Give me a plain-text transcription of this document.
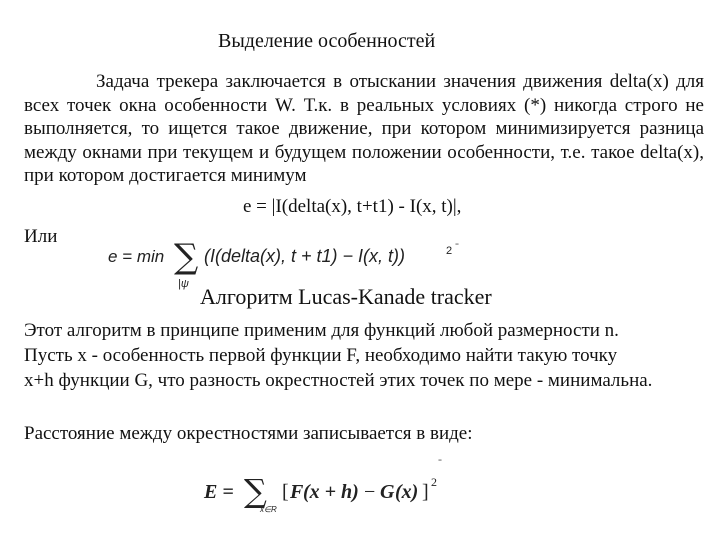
Выделение особенностей
Задача трекера заключается в отыскании значения движения delta(x) для всех точек окна особенности W. Т.к. в реальных условиях (*) никогда строго не выполняется, то ищется такое движение, при котором минимизируется разница между окнами при текущем и будущем положении особенности, т.е. такое delta(x), при котором достигается минимум
e = |I(delta(x), t+t1) - I(x, t)|,
Или
e = min ∑
|ψ
(I(delta(x), t + t1) − I(x, t))	2
-
Алгоритм Lucas-Kanade tracker
Этот алгоритм в принципе применим для функций любой размерности n.
Пусть x - особенность первой функции F, необходимо найти такую точку
x+h функции G, что разность окрестностей этих точек по мере - минимальна.
Расстояние между окрестностями записывается в виде:
-
E = ∑
x∈R
[ F (x + h) − G (x) ] 2
